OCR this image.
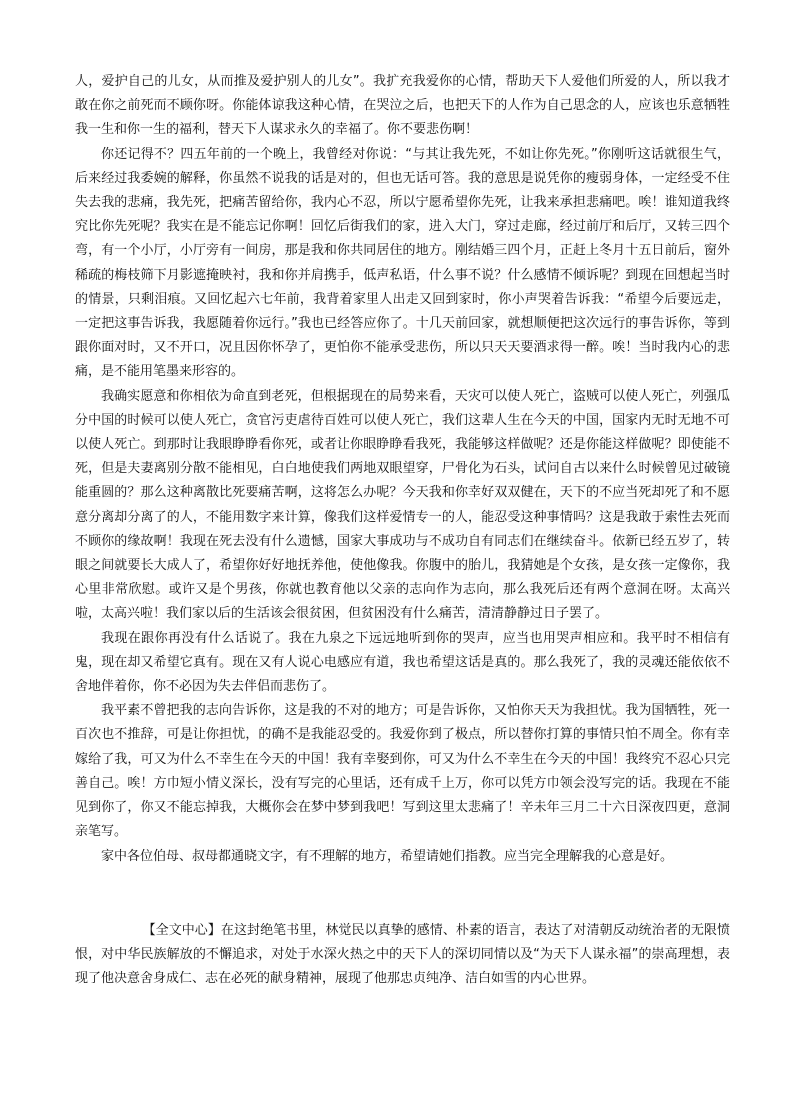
人，爱护自己的儿女，从而推及爱护别人的儿女”。我扩充我爱你的心情，帮助天下人爱他们所爱的人，所以我才敢在你之前死而不顾你呀。你能体谅我这种心情，在哭泣之后，也把天下的人作为自己思念的人，应该也乐意牺牲我一生和你一生的福利，替天下人谋求永久的幸福了。你不要悲伤啊！

你还记得不？四五年前的一个晚上，我曾经对你说：“与其让我先死，不如让你先死。”你刚听这话就很生气，后来经过我委婉的解释，你虽然不说我的话是对的，但也无话可答。我的意思是说凭你的瘦弱身体，一定经受不住失去我的悲痛，我先死，把痛苦留给你，我内心不忍，所以宁愿希望你先死，让我来承担悲痛吧。唉！谁知道我终究比你先死呢？我实在是不能忘记你啊！回忆后街我们的家，进入大门，穿过走廊，经过前厅和后厅，又转三四个弯，有一个小厅，小厅旁有一间房，那是我和你共同居住的地方。刚结婚三四个月，正赶上冬月十五日前后，窗外稀疏的梅枝筛下月影遮掩映衬，我和你并肩携手，低声私语，什么事不说？什么感情不倾诉呢？到现在回想起当时的情景，只剩泪痕。又回忆起六七年前，我背着家里人出走又回到家时，你小声哭着告诉我：“希望今后要远走，一定把这事告诉我，我愿随着你远行。”我也已经答应你了。十几天前回家，就想顺便把这次远行的事告诉你，等到跟你面对时，又不开口，况且因你怀孕了，更怕你不能承受悲伤，所以只天天要酒求得一醉。唉！当时我内心的悲痛，是不能用笔墨来形容的。

我确实愿意和你相依为命直到老死，但根据现在的局势来看，天灾可以使人死亡，盗贼可以使人死亡，列强瓜分中国的时候可以使人死亡，贪官污吏虐待百姓可以使人死亡，我们这辈人生在今天的中国，国家内无时无地不可以使人死亡。到那时让我眼睁睁看你死，或者让你眼睁睁看我死，我能够这样做呢？还是你能这样做呢？即使能不死，但是夫妻离别分散不能相见，白白地使我们两地双眼望穿，尸骨化为石头，试问自古以来什么时候曾见过破镜能重圆的？那么这种离散比死要痛苦啊，这将怎么办呢？今天我和你幸好双双健在，天下的不应当死却死了和不愿意分离却分离了的人，不能用数字来计算，像我们这样爱情专一的人，能忍受这种事情吗？这是我敢于索性去死而不顾你的缘故啊！我现在死去没有什么遗憾，国家大事成功与不成功自有同志们在继续奋斗。依新已经五岁了，转眼之间就要长大成人了，希望你好好地抚养他，使他像我。你腹中的胎儿，我猜她是个女孩，是女孩一定像你，我心里非常欣慰。或许又是个男孩，你就也教育他以父亲的志向作为志向，那么我死后还有两个意洞在呀。太高兴啦，太高兴啦！我们家以后的生活该会很贫困，但贫困没有什么痛苦，清清静静过日子罢了。

我现在跟你再没有什么话说了。我在九泉之下远远地听到你的哭声，应当也用哭声相应和。我平时不相信有鬼，现在却又希望它真有。现在又有人说心电感应有道，我也希望这话是真的。那么我死了，我的灵魂还能依依不舍地伴着你，你不必因为失去伴侣而悲伤了。

我平素不曾把我的志向告诉你，这是我的不对的地方；可是告诉你，又怕你天天为我担忧。我为国牺牲，死一百次也不推辞，可是让你担忧，的确不是我能忍受的。我爱你到了极点，所以替你打算的事情只怕不周全。你有幸嫁给了我，可又为什么不幸生在今天的中国！我有幸娶到你，可又为什么不幸生在今天的中国！我终究不忍心只完善自己。唉！方巾短小情义深长，没有写完的心里话，还有成千上万，你可以凭方巾领会没写完的话。我现在不能见到你了，你又不能忘掉我，大概你会在梦中梦到我吧！写到这里太悲痛了！辛未年三月二十六日深夜四更，意洞亲笔写。

家中各位伯母、叔母都通晓文字，有不理解的地方，希望请她们指教。应当完全理解我的心意是好。

【全文中心】在这封绝笔书里，林觉民以真挚的感情、朴素的语言，表达了对清朝反动统治者的无限愤恨，对中华民族解放的不懈追求，对处于水深火热之中的天下人的深切同情以及“为天下人谋永福”的崇高理想，表现了他决意舍身成仁、志在必死的献身精神，展现了他那忠贞纯净、洁白如雪的内心世界。
